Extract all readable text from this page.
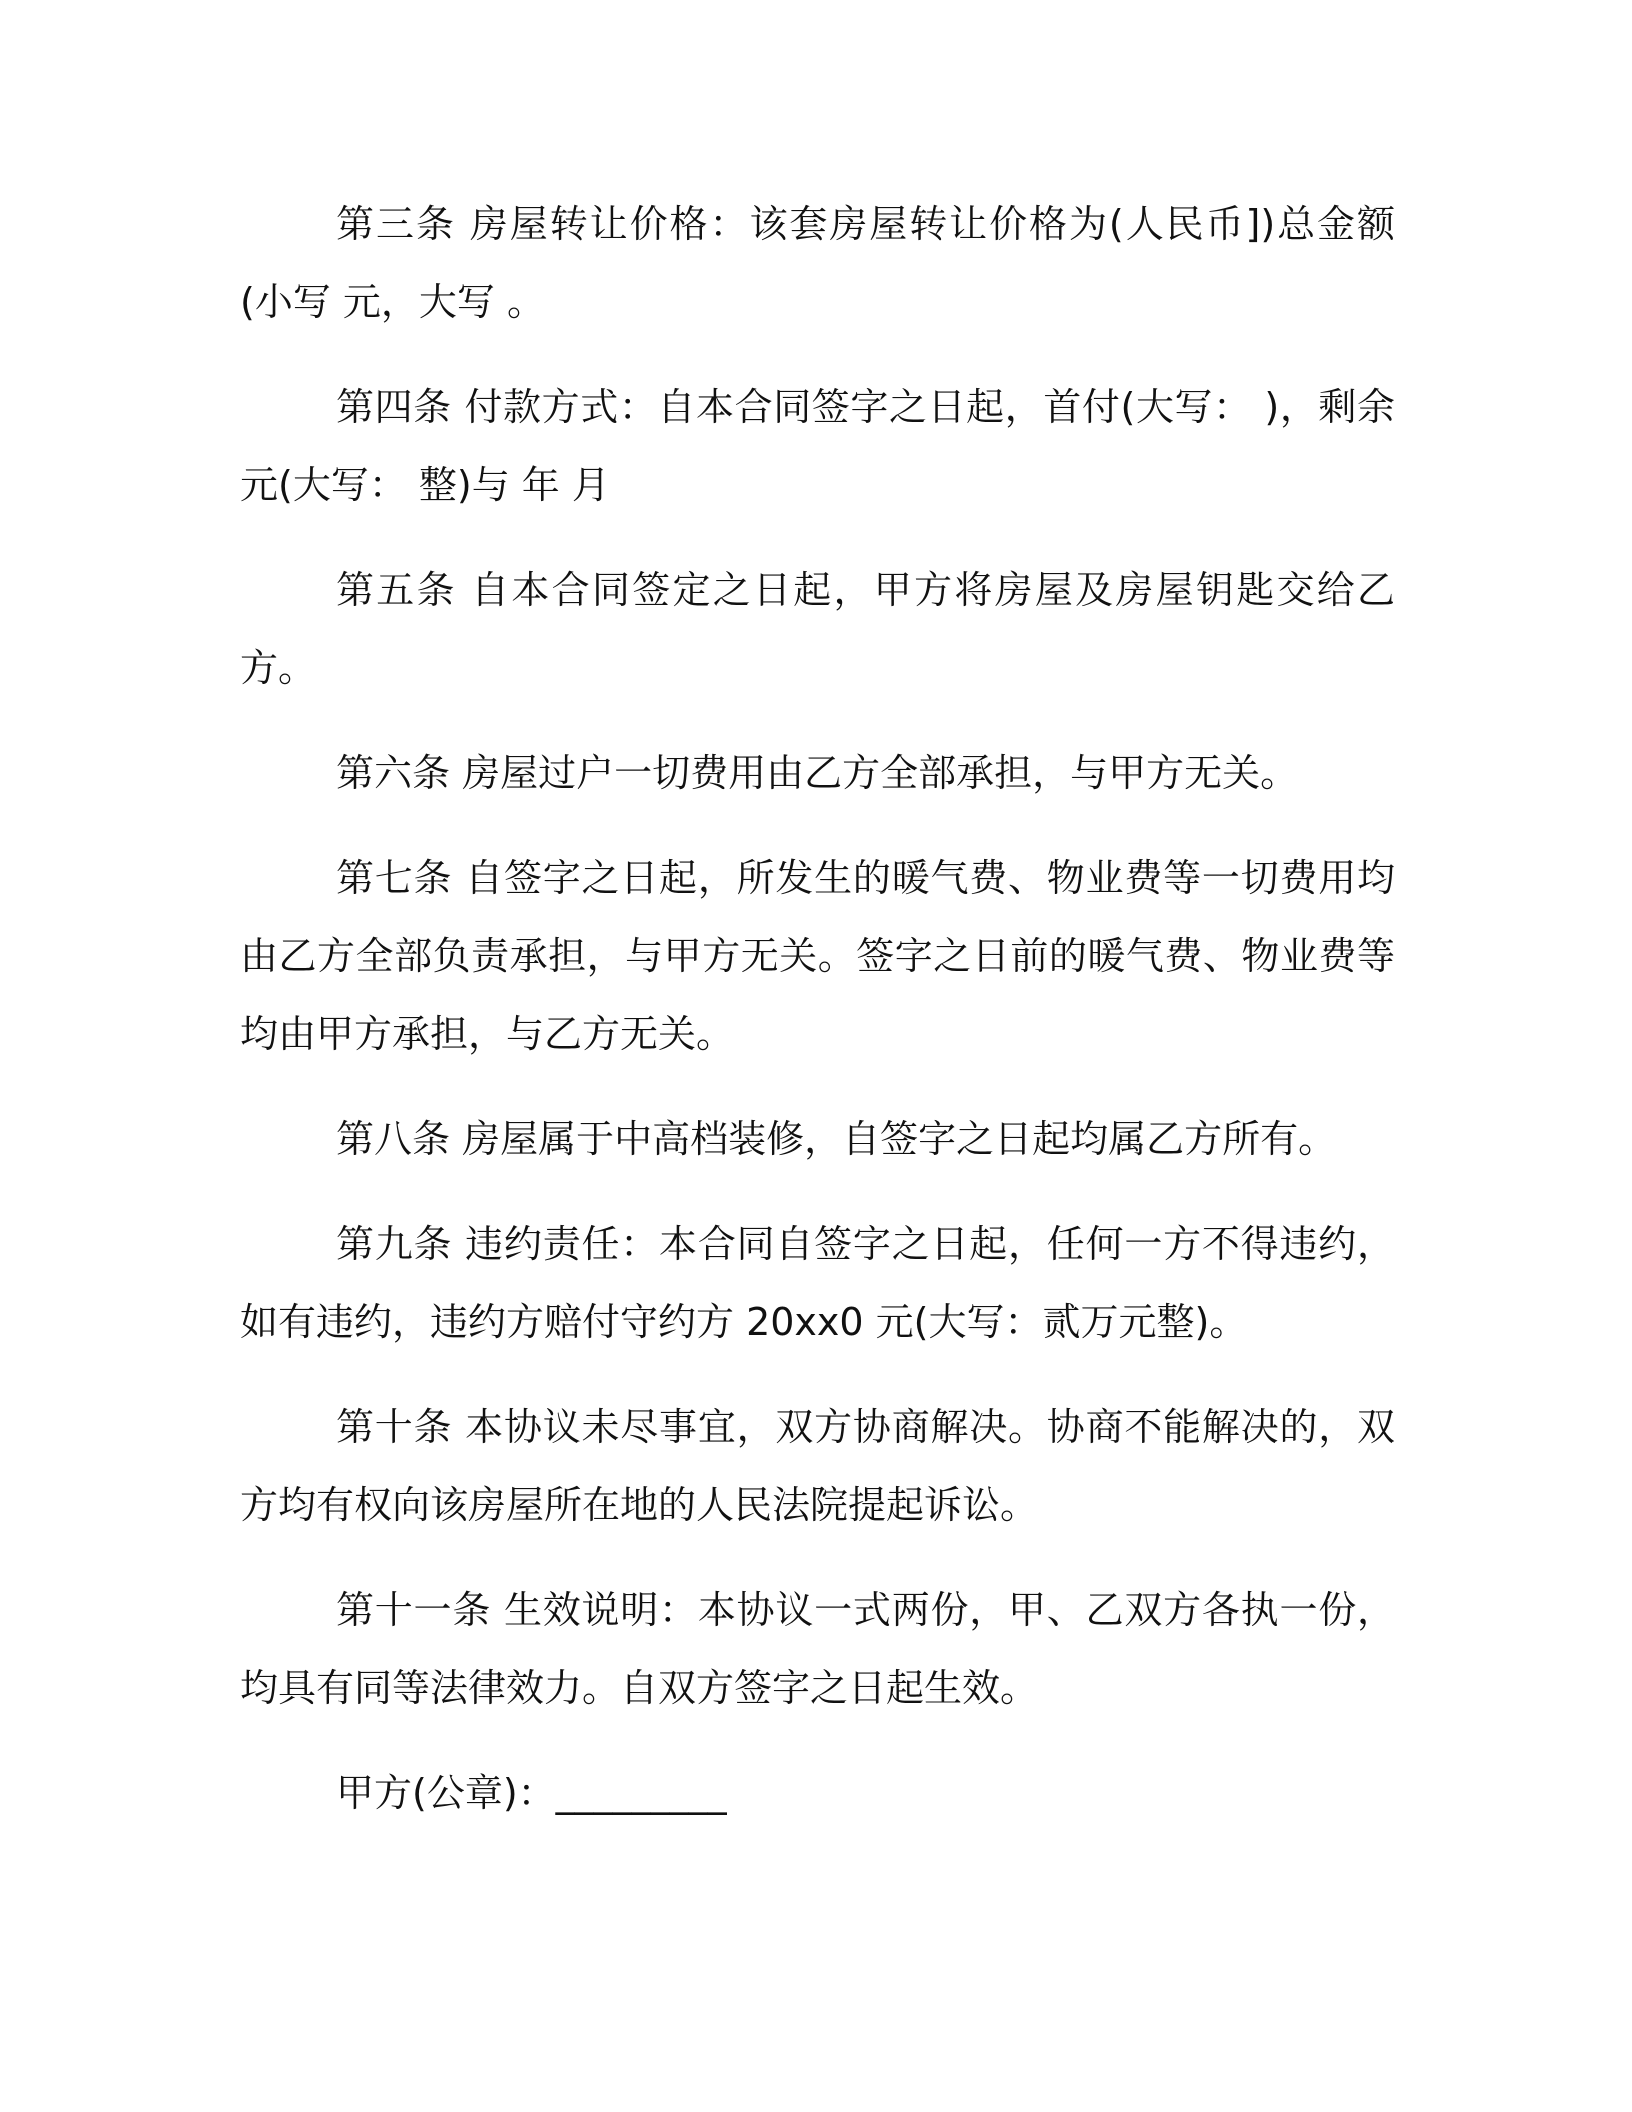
第三条 房屋转让价格：该套房屋转让价格为(人民币])总金额(小写 元，大写 。

第四条 付款方式：自本合同签字之日起，首付(大写： )，剩余 元(大写： 整)与 年 月

第五条 自本合同签定之日起，甲方将房屋及房屋钥匙交给乙方。

第六条 房屋过户一切费用由乙方全部承担，与甲方无关。

第七条 自签字之日起，所发生的暖气费、物业费等一切费用均由乙方全部负责承担，与甲方无关。签字之日前的暖气费、物业费等均由甲方承担，与乙方无关。

第八条 房屋属于中高档装修，自签字之日起均属乙方所有。

第九条 违约责任：本合同自签字之日起，任何一方不得违约，如有违约，违约方赔付守约方 20xx0 元(大写：贰万元整)。

第十条 本协议未尽事宜，双方协商解决。协商不能解决的，双方均有权向该房屋所在地的人民法院提起诉讼。

第十一条 生效说明：本协议一式两份，甲、乙双方各执一份，均具有同等法律效力。自双方签字之日起生效。

甲方(公章)：_________
